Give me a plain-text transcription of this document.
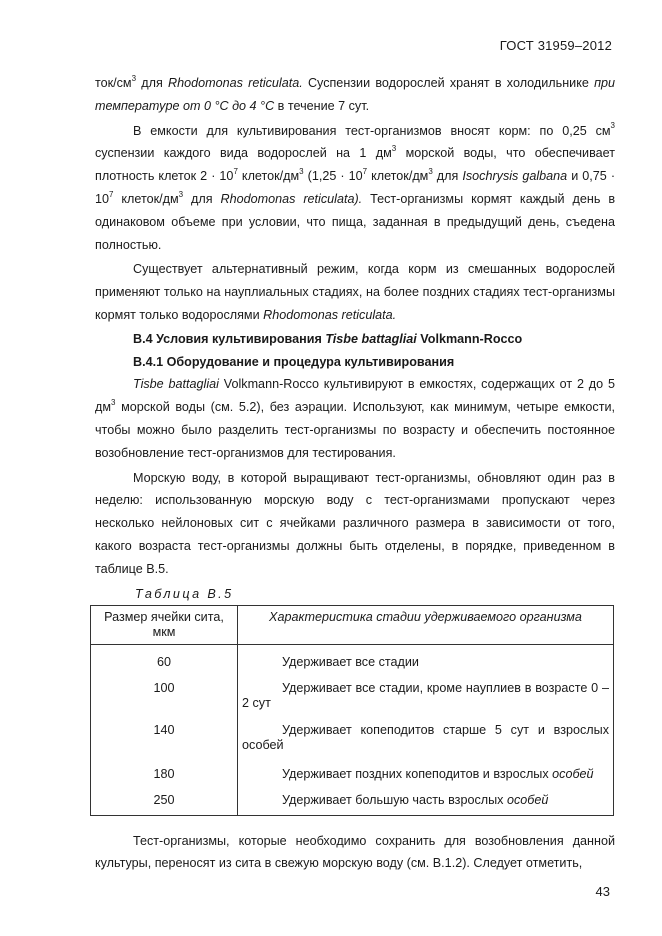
ГОСТ 31959–2012

ток/$см^3$ для Rhodomonas reticulata. Суспензии водорослей хранят в холодильнике при температуре от 0 °С до 4 °С в течение 7 сут.

В емкости для культивирования тест-организмов вносят корм: по 0,25 $см^3$ суспензии каждого вида водорослей на 1 $дм^3$ морской воды, что обеспечивает плотность клеток $2 \cdot 10^7$ клеток/$дм^3$ ($1,25 \cdot 10^7$ клеток/$дм^3$ для Isochrysis galbana и $0,75 \cdot 10^7$ клеток/$дм^3$ для Rhodomonas reticulata). Тест-организмы кормят каждый день в одинаковом объеме при условии, что пища, заданная в предыдущий день, съедена полностью.

Существует альтернативный режим, когда корм из смешанных водорослей применяют только на науплиальных стадиях, на более поздних стадиях тест-организмы кормят только водорослями Rhodomonas reticulata.

В.4 Условия культивирования Tisbe battagliai Volkmann-Rocco

В.4.1 Оборудование и процедура культивирования

Tisbe battagliai Volkmann-Rocco культивируют в емкостях, содержащих от 2 до 5 $дм^3$ морской воды (см. 5.2), без аэрации. Используют, как минимум, четыре емкости, чтобы можно было разделить тест-организмы по возрасту и обеспечить постоянное возобновление тест-организмов для тестирования.

Морскую воду, в которой выращивают тест-организмы, обновляют один раз в неделю: использованную морскую воду с тест-организмами пропускают через несколько нейлоновых сит с ячейками различного размера в зависимости от того, какого возраста тест-организмы должны быть отделены, в порядке, приведенном в таблице В.5.

Таблица В.5

Размер ячейки сита, мкм	Характеристика стадии удерживаемого организма
60	Удерживает все стадии

100	Удерживает все стадии, кроме науплиев в возрасте 0 – 2 сут

140	Удерживает копеподитов старше 5 сут и взрослых особей

180	Удерживает поздних копеподитов и взрослых особей

250	Удерживает большую часть взрослых особей

Тест-организмы, которые необходимо сохранить для возобновления данной культуры, переносят из сита в свежую морскую воду (см. В.1.2). Следует отметить,

43
